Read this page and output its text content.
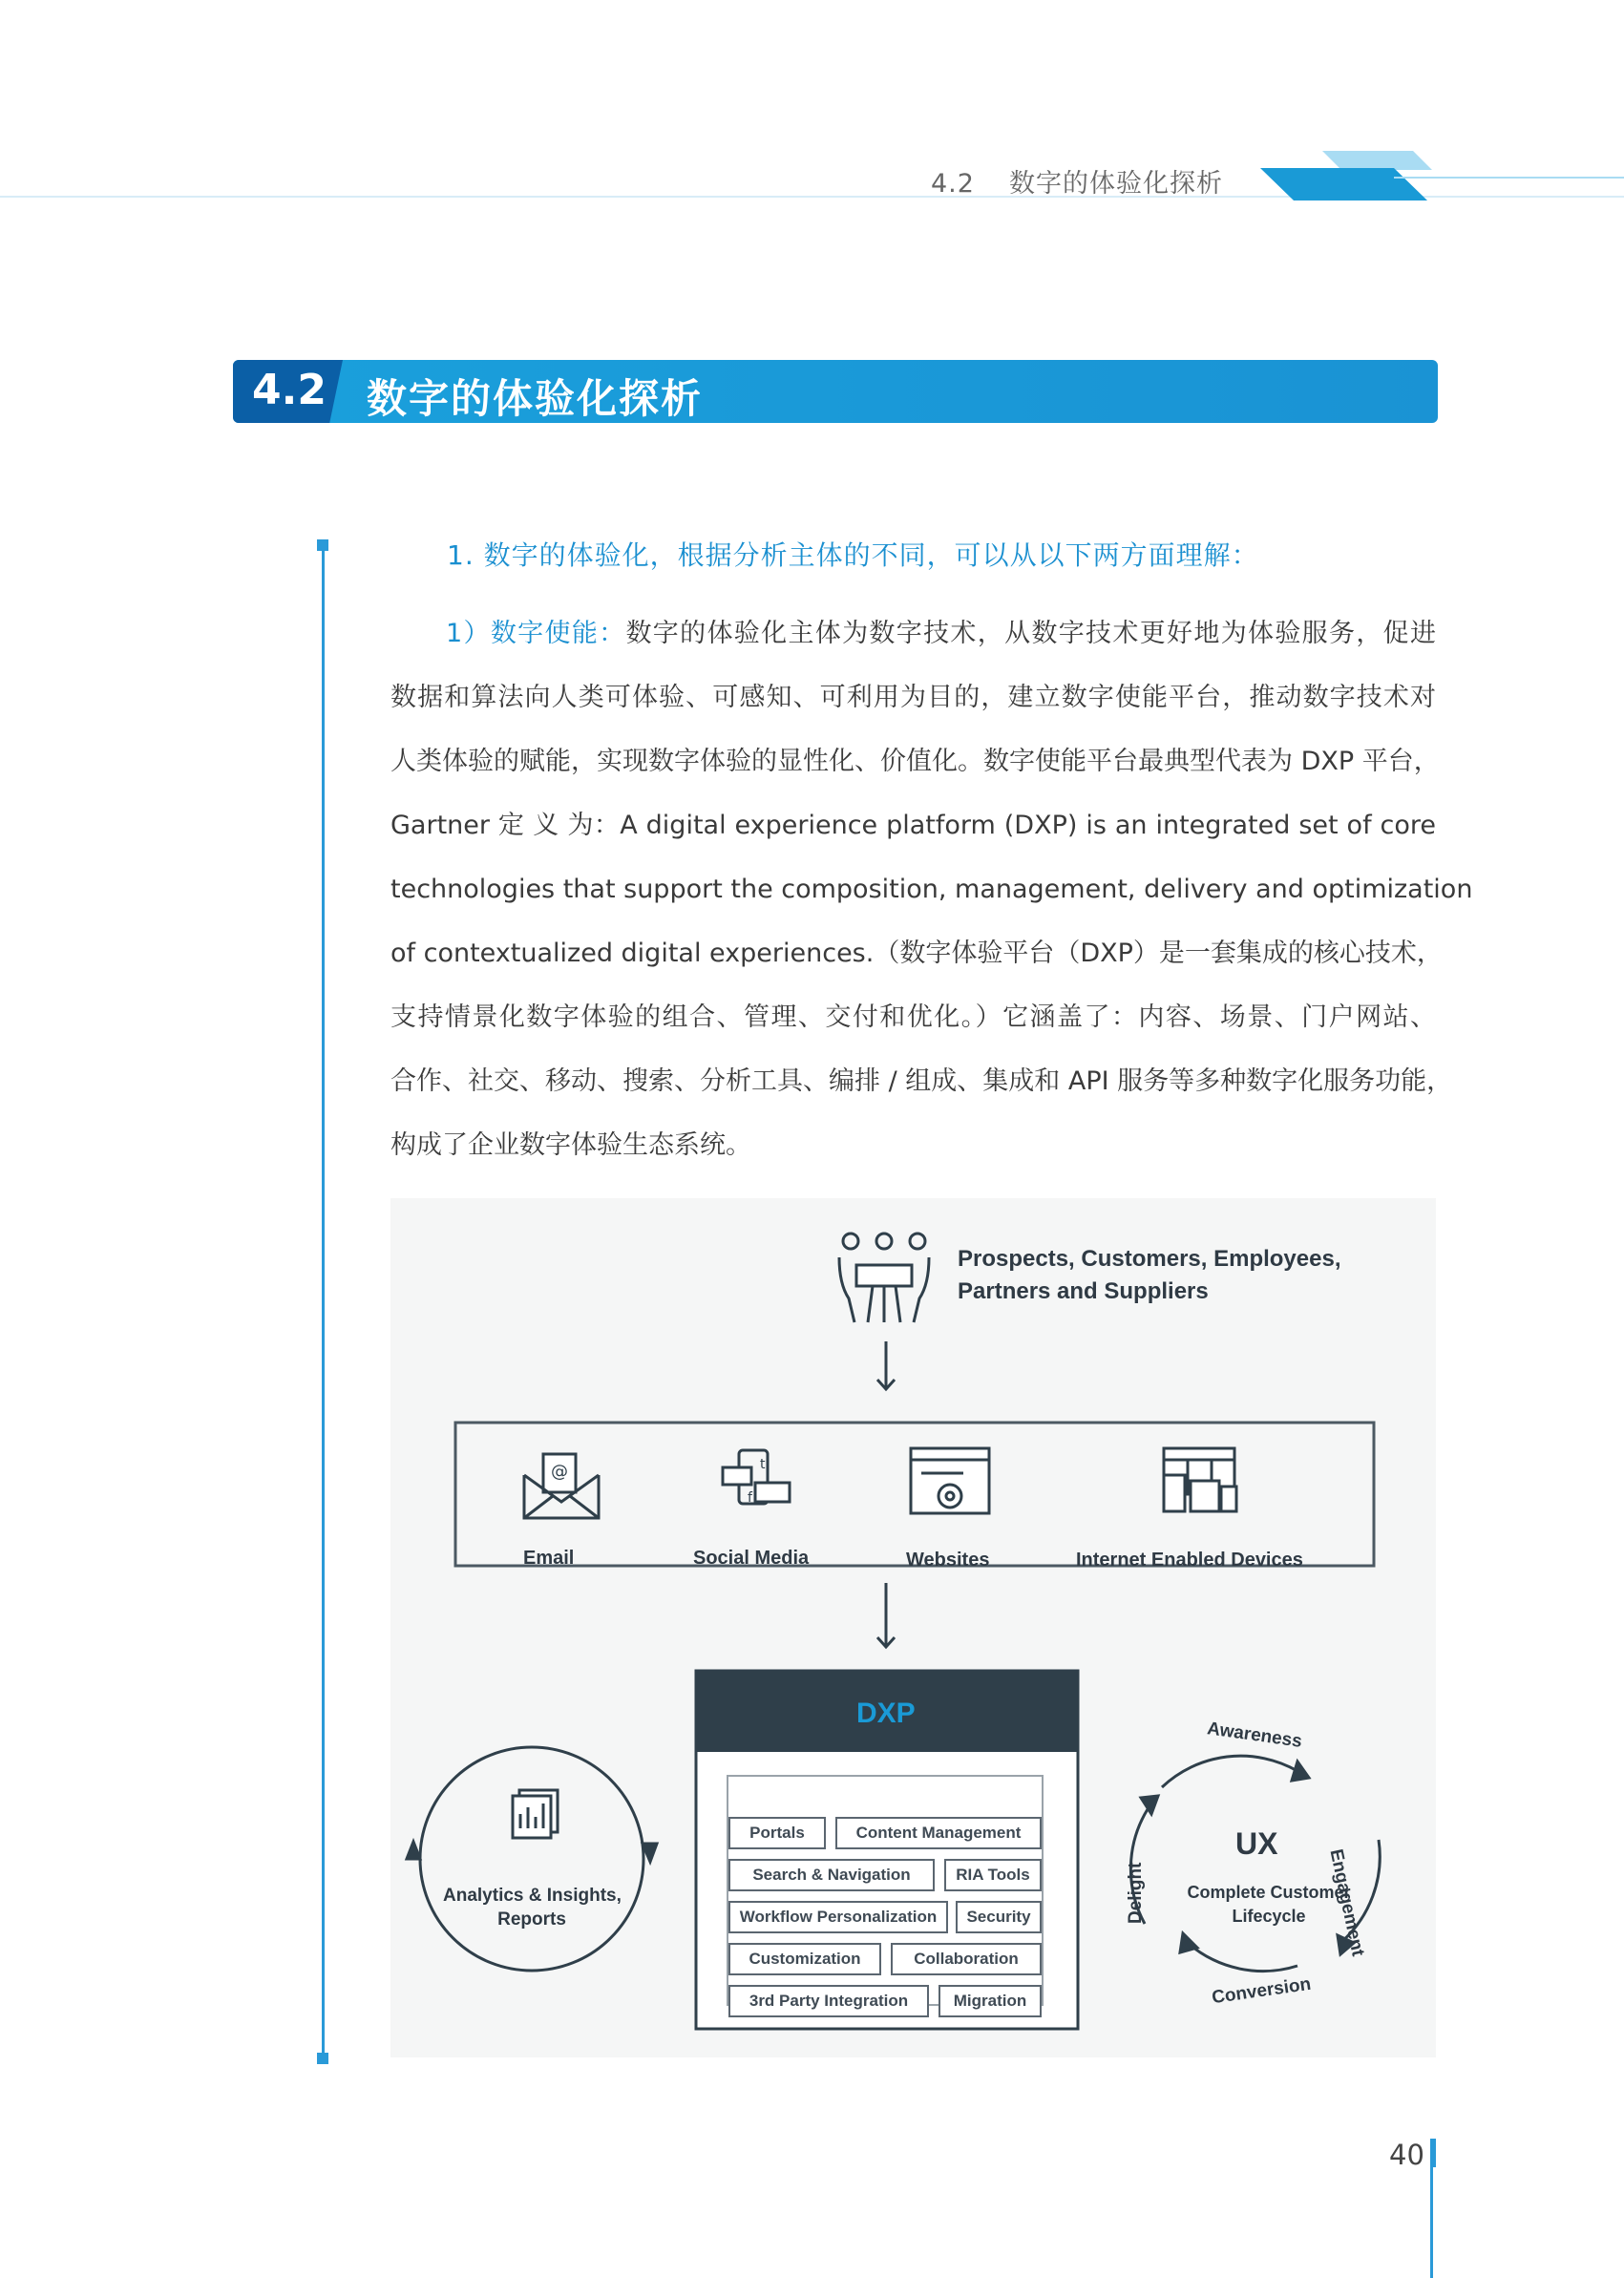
4.2 数字的体验化探析
4.2 数字的体验化探析
1. 数字的体验化，根据分析主体的不同，可以从以下两方面理解：
1）数字使能：数字的体验化主体为数字技术，从数字技术更好地为体验服务，促进
数据和算法向人类可体验、可感知、可利用为目的，建立数字使能平台，推动数字技术对
人类体验的赋能，实现数字体验的显性化、价值化。数字使能平台最典型代表为 DXP 平台，
Gartner 定 义 为：A digital experience platform (DXP) is an integrated set of core
technologies that support the composition, management, delivery and optimization
of contextualized digital experiences.（数字体验平台（DXP）是一套集成的核心技术，
支持情景化数字体验的组合、管理、交付和优化。）它涵盖了：内容、场景、门户网站、
合作、社交、移动、搜索、分析工具、编排 / 组成、集成和 API 服务等多种数字化服务功能，
构成了企业数字体验生态系统。
@	t.
f
Prospects, Customers, Employees,
Partners and Suppliers
Email	Social Media	Websites	Internet Enabled Devices
DXP
Portals	Content Management
Search & Navigation	RIA Tools
Workflow Personalization	Security
Customization	Collaboration
3rd Party Integration	Migration
Analytics & Insights,
Reports
UX
Complete Customer
Lifecycle
Awareness
Engagement
Conversion
Delight
40
